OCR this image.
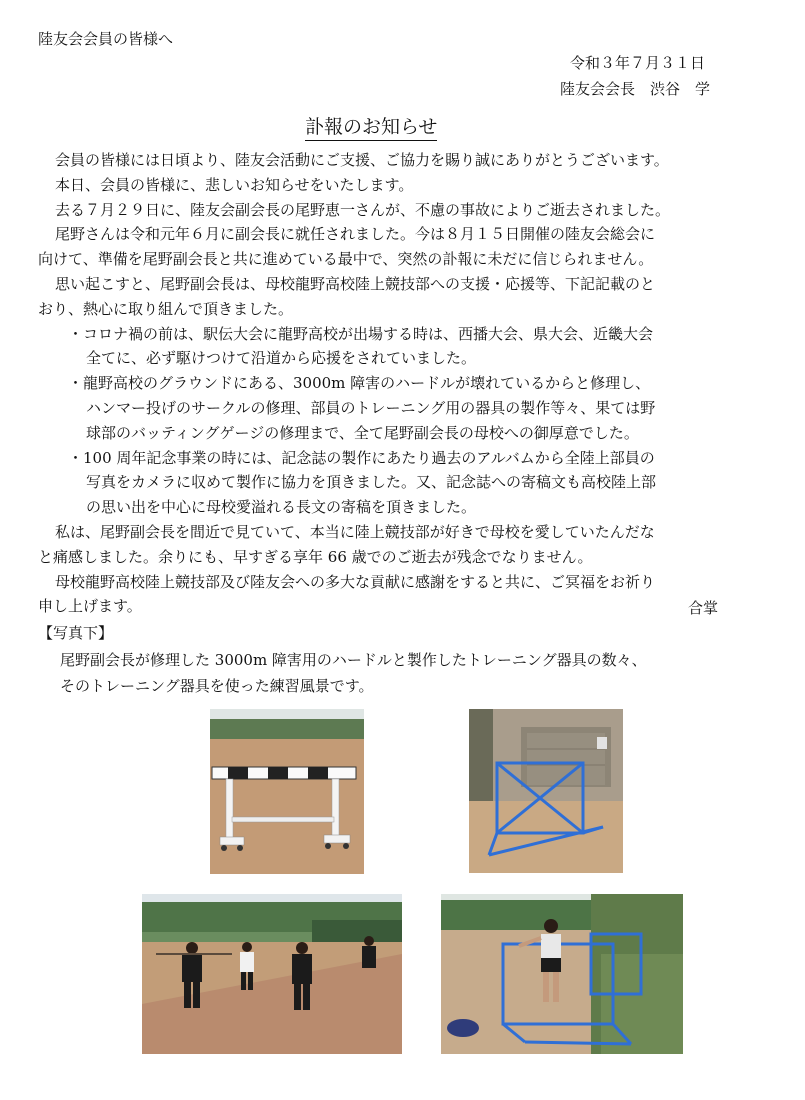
陸友会会員の皆様へ
令和３年７月３１日
陸友会会長　渋谷　学
訃報のお知らせ

会員の皆様には日頃より、陸友会活動にご支援、ご協力を賜り誠にありがとうございます。

本日、会員の皆様に、悲しいお知らせをいたします。

去る７月２９日に、陸友会副会長の尾野恵一さんが、不慮の事故によりご逝去されました。

尾野さんは令和元年６月に副会長に就任されました。今は８月１５日開催の陸友会総会に

向けて、準備を尾野副会長と共に進めている最中で、突然の訃報に未だに信じられません。

思い起こすと、尾野副会長は、母校龍野高校陸上競技部への支援・応援等、下記記載のと

おり、熱心に取り組んで頂きました。

・コロナ禍の前は、駅伝大会に龍野高校が出場する時は、西播大会、県大会、近畿大会

全てに、必ず駆けつけて沿道から応援をされていました。

・龍野高校のグラウンドにある、3000m 障害のハードルが壊れているからと修理し、

ハンマー投げのサークルの修理、部員のトレーニング用の器具の製作等々、果ては野

球部のバッティングゲージの修理まで、全て尾野副会長の母校への御厚意でした。

・100 周年記念事業の時には、記念誌の製作にあたり過去のアルバムから全陸上部員の

写真をカメラに収めて製作に協力を頂きました。又、記念誌への寄稿文も高校陸上部

の思い出を中心に母校愛溢れる長文の寄稿を頂きました。

私は、尾野副会長を間近で見ていて、本当に陸上競技部が好きで母校を愛していたんだな

と痛感しました。余りにも、早すぎる享年 66 歳でのご逝去が残念でなりません。

母校龍野高校陸上競技部及び陸友会への多大な貢献に感謝をすると共に、ご冥福をお祈り

申し上げます。	合掌
【写真下】

尾野副会長が修理した 3000m 障害用のハードルと製作したトレーニング器具の数々、

そのトレーニング器具を使った練習風景です。
